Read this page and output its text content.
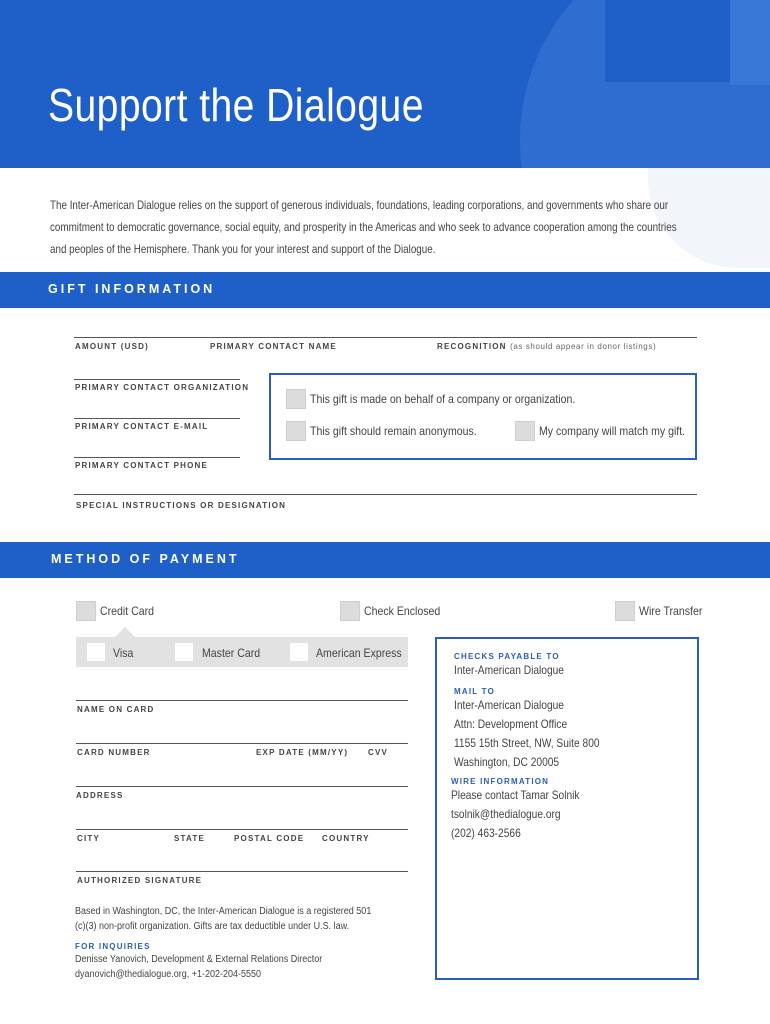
Support the Dialogue
The Inter-American Dialogue relies on the support of generous individuals, foundations, leading corporations, and governments who share our
commitment to democratic governance, social equity, and prosperity in the Americas and who seek to advance cooperation among the countries
and peoples of the Hemisphere. Thank you for your interest and support of the Dialogue.
GIFT INFORMATION
AMOUNT (USD)	PRIMARY CONTACT NAME	RECOGNITION (as should appear in donor listings)
PRIMARY CONTACT ORGANIZATION
PRIMARY CONTACT E-MAIL
PRIMARY CONTACT PHONE
SPECIAL INSTRUCTIONS OR DESIGNATION
This gift is made on behalf of a company or organization.
This gift should remain anonymous.	My company will match my gift.
METHOD OF PAYMENT
Credit Card	Check Enclosed	Wire Transfer
Visa	Master Card	American Express
NAME ON CARD
CARD NUMBER	EXP DATE (MM/YY) CVV
ADDRESS
CITY	STATE	POSTAL CODE COUNTRY
AUTHORIZED SIGNATURE
Based in Washington, DC, the Inter-American Dialogue is a registered 501
(c)(3) non-profit organization. Gifts are tax deductible under U.S. law.
FOR INQUIRIES
Denisse Yanovich, Development & External Relations Director
dyanovich@thedialogue.org, +1-202-204-5550
CHECKS PAYABLE TO
Inter-American Dialogue
MAIL TO
Inter-American Dialogue
Attn: Development Office
1155 15th Street, NW, Suite 800
Washington, DC 20005
WIRE INFORMATION
Please contact Tamar Solnik
tsolnik@thedialogue.org
(202) 463-2566
